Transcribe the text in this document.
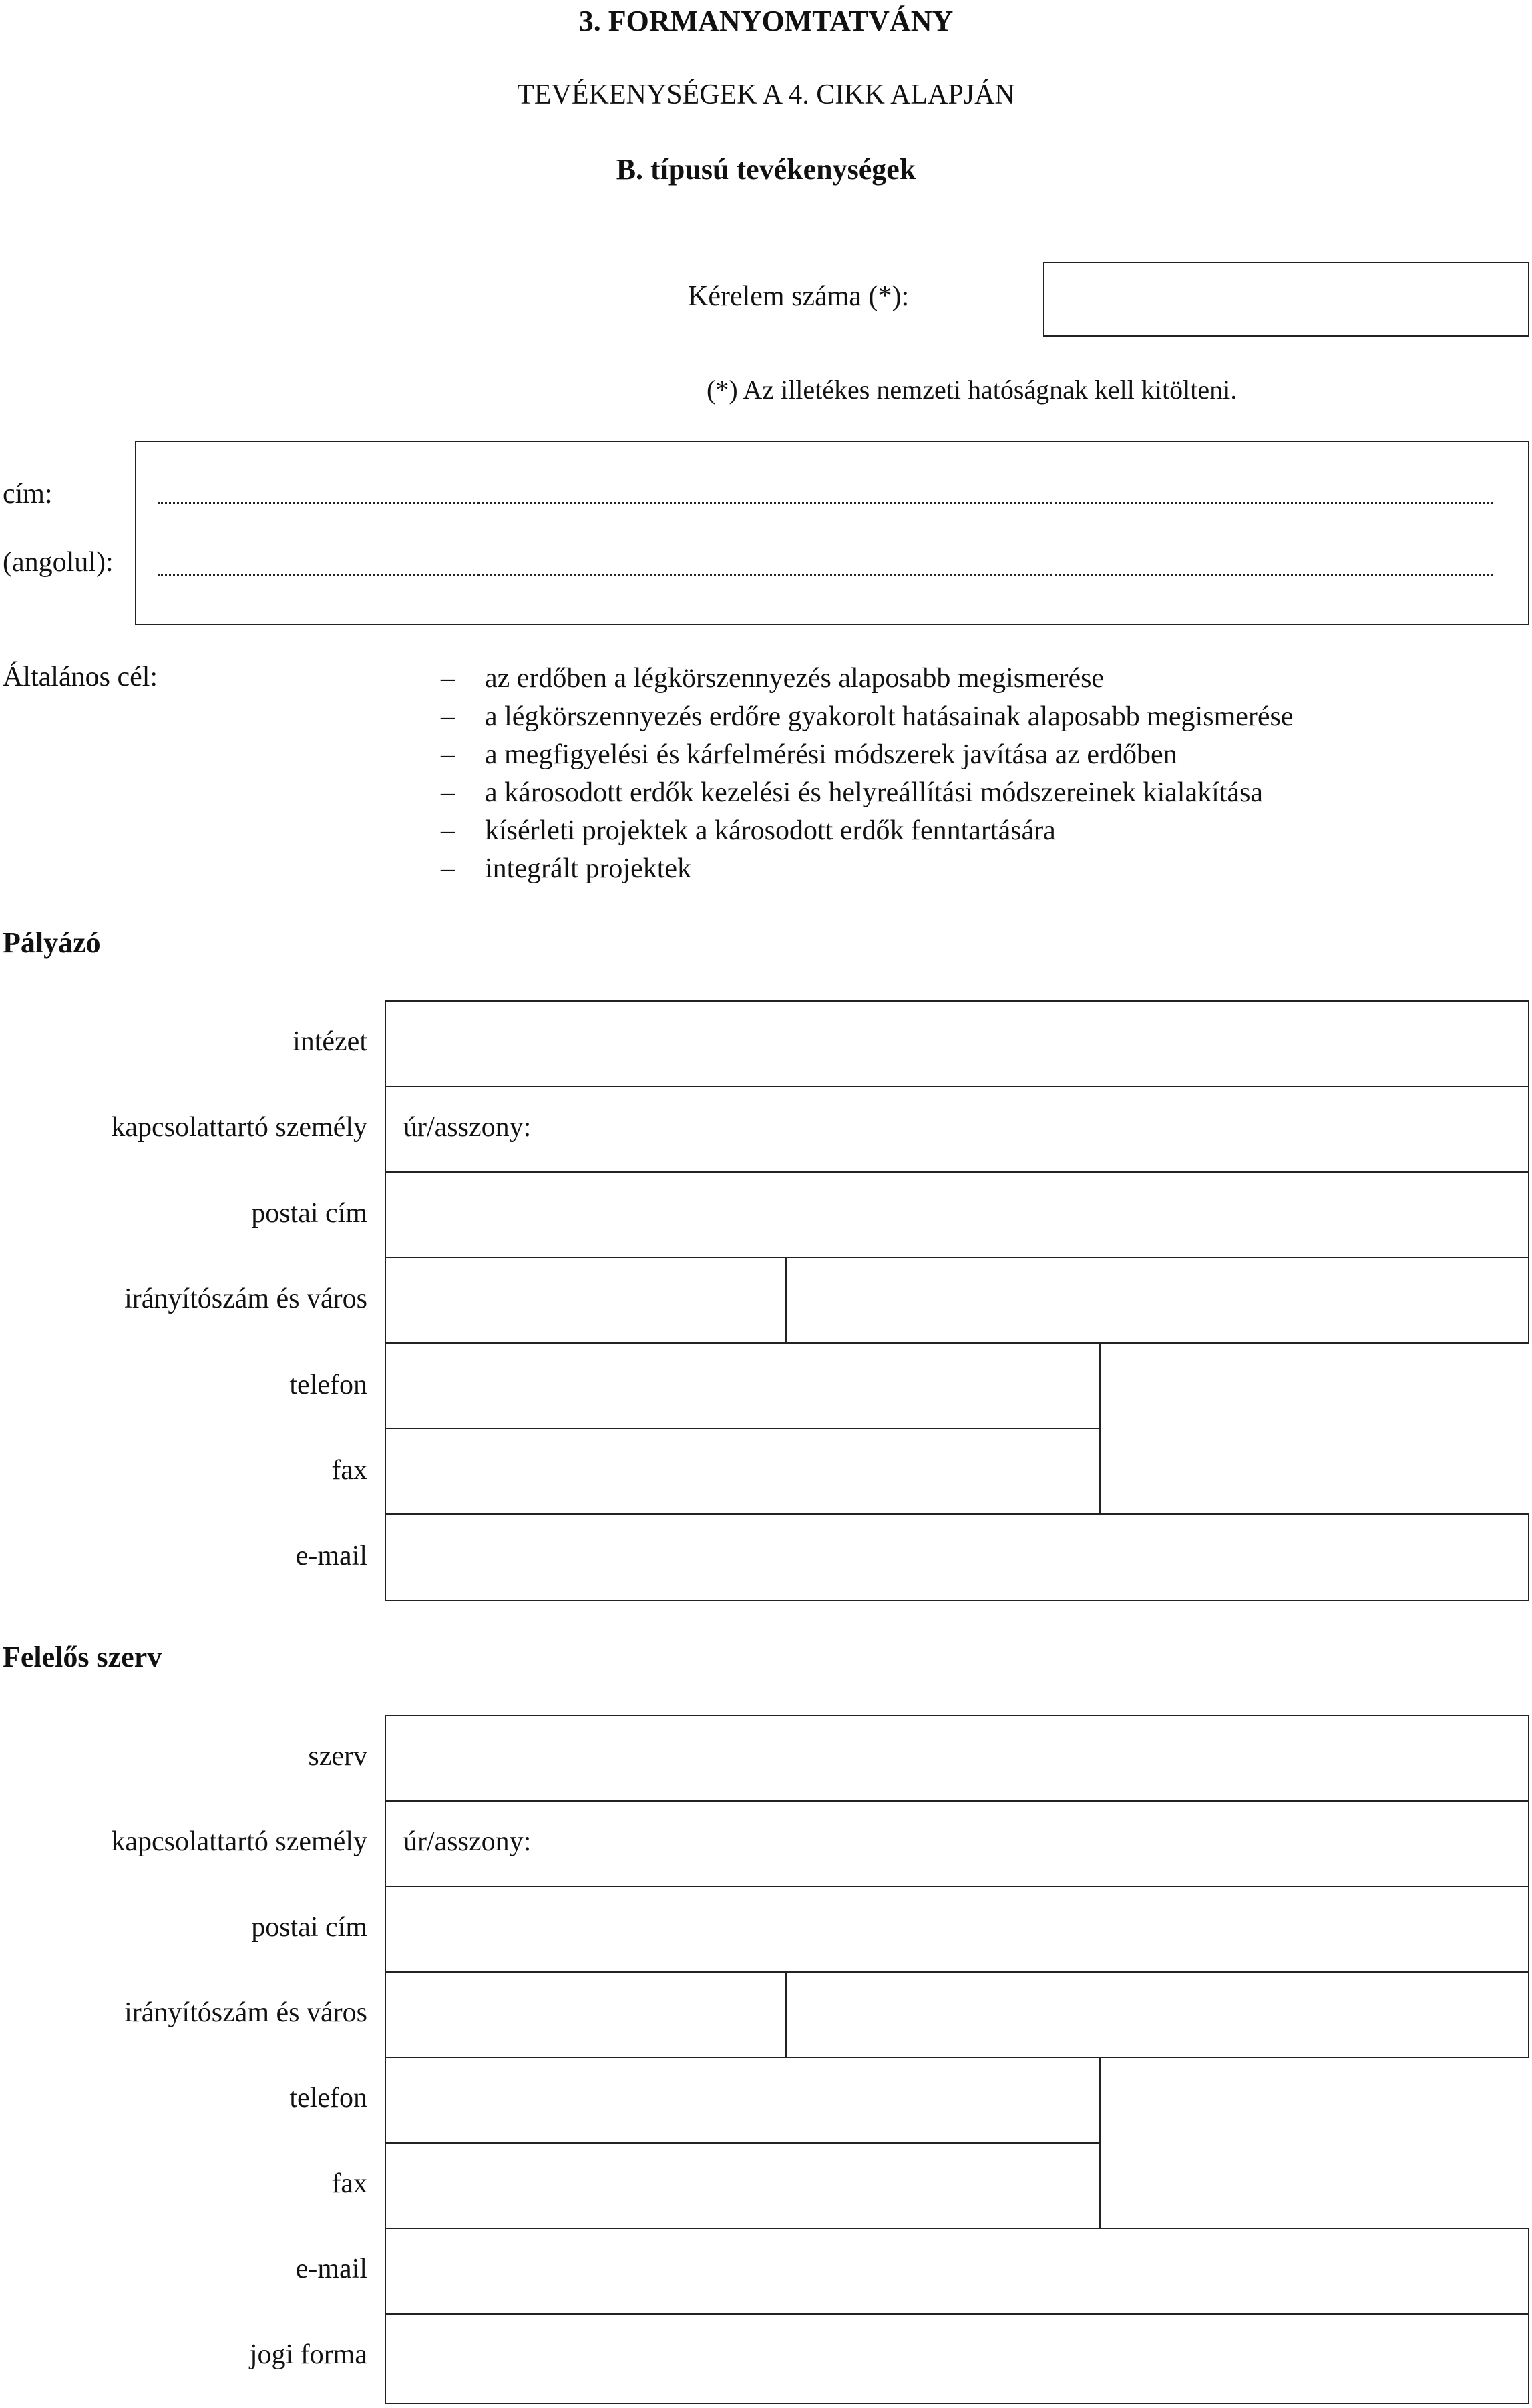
3. FORMANYOMTATVÁNY
TEVÉKENYSÉGEK A 4. CIKK ALAPJÁN
B. típusú tevékenységek
Kérelem száma (*):
(*) Az illetékes nemzeti hatóságnak kell kitölteni.
cím:
(angolul):
Általános cél:	– az erdőben a légkörszennyezés alaposabb megismerése
– a légkörszennyezés erdőre gyakorolt hatásainak alaposabb megismerése
– a megfigyelési és kárfelmérési módszerek javítása az erdőben
– a károsodott erdők kezelési és helyreállítási módszereinek kialakítása
– kísérleti projektek a károsodott erdők fenntartására
– integrált projektek
Pályázó
intézet
kapcsolattartó személy
postai cím
irányítószám és város
telefon
fax
e-mail
úr/asszony:
Felelős szerv
szerv
kapcsolattartó személy
postai cím
irányítószám és város
telefon
fax
e-mail
jogi forma
úr/asszony:
